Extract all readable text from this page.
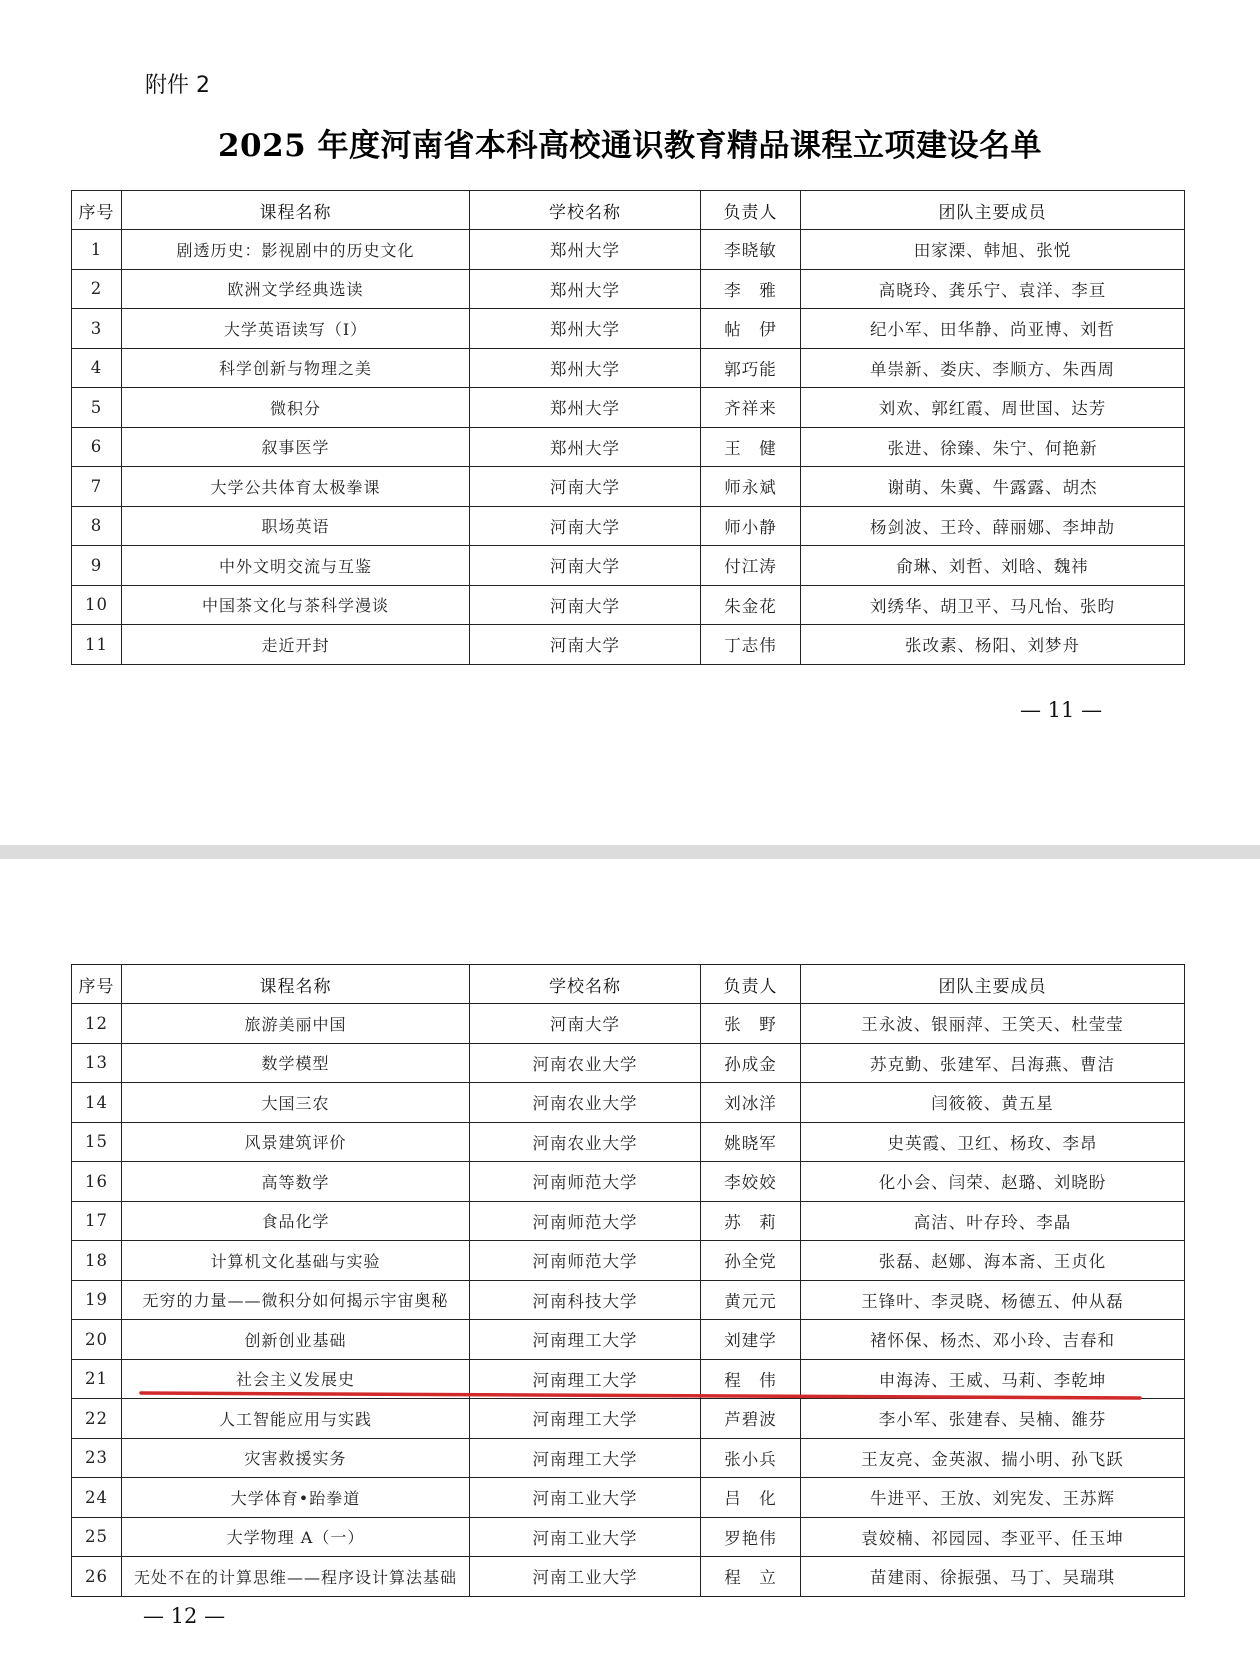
附件 2
2025 年度河南省本科高校通识教育精品课程立项建设名单
序号	课程名称	学校名称	负责人	团队主要成员
1	剧透历史：影视剧中的历史文化	郑州大学	李晓敏	田家溧、韩旭、张悦
2	欧洲文学经典选读	郑州大学	李　雅	高晓玲、龚乐宁、袁洋、李亘
3	大学英语读写（I）	郑州大学	帖　伊	纪小军、田华静、尚亚博、刘哲
4	科学创新与物理之美	郑州大学	郭巧能	单崇新、娄庆、李顺方、朱西周
5	微积分	郑州大学	齐祥来	刘欢、郭红霞、周世国、达芳
6	叙事医学	郑州大学	王　健	张进、徐臻、朱宁、何艳新
7	大学公共体育太极拳课	河南大学	师永斌	谢萌、朱冀、牛露露、胡杰
8	职场英语	河南大学	师小静	杨剑波、王玲、薛丽娜、李坤劼
9	中外文明交流与互鉴	河南大学	付江涛	俞琳、刘哲、刘晗、魏祎
10	中国茶文化与茶科学漫谈	河南大学	朱金花	刘绣华、胡卫平、马凡怡、张昀
11	走近开封	河南大学	丁志伟	张改素、杨阳、刘梦舟
— 11 —
序号	课程名称	学校名称	负责人	团队主要成员
12	旅游美丽中国	河南大学	张　野	王永波、银丽萍、王笑天、杜莹莹
13	数学模型	河南农业大学	孙成金	苏克勤、张建军、吕海燕、曹洁
14	大国三农	河南农业大学	刘冰洋	闫筱筱、黄五星
15	风景建筑评价	河南农业大学	姚晓军	史英霞、卫红、杨玫、李昂
16	高等数学	河南师范大学	李姣姣	化小会、闫荣、赵璐、刘晓盼
17	食品化学	河南师范大学	苏　莉	高洁、叶存玲、李晶
18	计算机文化基础与实验	河南师范大学	孙全党	张磊、赵娜、海本斋、王贞化
19	无穷的力量——微积分如何揭示宇宙奥秘	河南科技大学	黄元元	王锋叶、李灵晓、杨德五、仲从磊
20	创新创业基础	河南理工大学	刘建学	褚怀保、杨杰、邓小玲、吉春和
21	社会主义发展史	河南理工大学	程　伟	申海涛、王威、马莉、李乾坤
22	人工智能应用与实践	河南理工大学	芦碧波	李小军、张建春、吴楠、雒芬
23	灾害救援实务	河南理工大学	张小兵	王友亮、金英淑、揣小明、孙飞跃
24	大学体育•跆拳道	河南工业大学	吕　化	牛进平、王放、刘宪发、王苏辉
25	大学物理 A（一）	河南工业大学	罗艳伟	袁姣楠、祁园园、李亚平、任玉坤
26	无处不在的计算思维——程序设计算法基础	河南工业大学	程　立	苗建雨、徐振强、马丁、吴瑞琪
— 12 —
